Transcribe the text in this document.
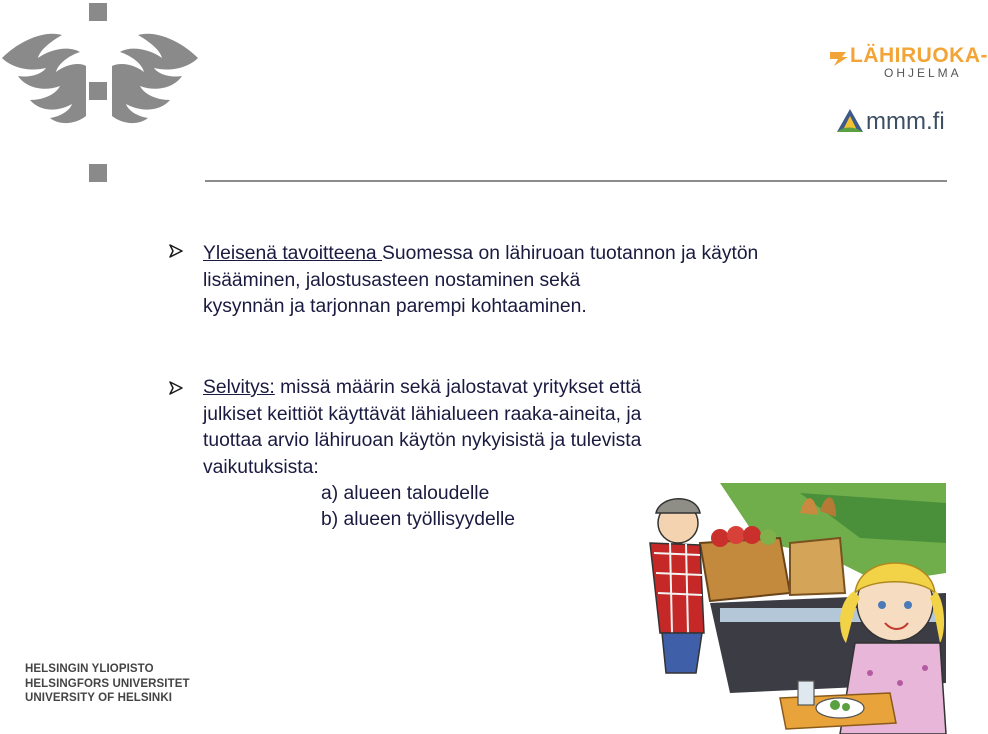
LÄHIRUOKA-
OHJELMA
mmm.fi
Yleisenä tavoitteena Suomessa on lähiruoan tuotannon ja käytön
lisääminen, jalostusasteen nostaminen sekä
kysynnän ja tarjonnan parempi kohtaaminen.
Selvitys: missä määrin sekä jalostavat yritykset että
julkiset keittiöt käyttävät lähialueen raaka-aineita, ja
tuottaa arvio lähiruoan käytön nykyisistä ja tulevista
vaikutuksista:
a) alueen taloudelle
b) alueen työllisyydelle
HELSINGIN YLIOPISTO
HELSINGFORS UNIVERSITET
UNIVERSITY OF HELSINKI
